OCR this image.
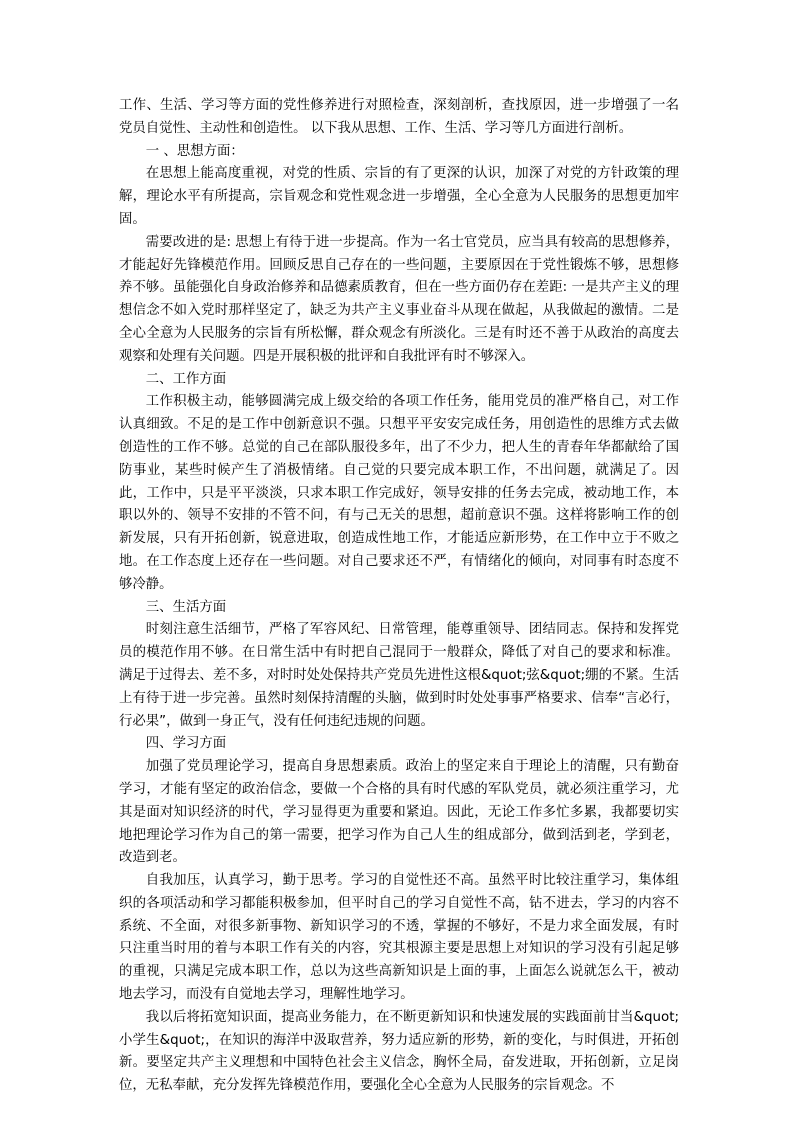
工作、生活、学习等方面的党性修养进行对照检查，深刻剖析，查找原因，进一步增强了一名党员自觉性、主动性和创造性。 以下我从思想、工作、生活、学习等几方面进行剖析。

一 、思想方面：

在思想上能高度重视，对党的性质、宗旨的有了更深的认识，加深了对党的方针政策的理解，理论水平有所提高，宗旨观念和党性观念进一步增强，全心全意为人民服务的思想更加牢固。

需要改进的是: 思想上有待于进一步提高。作为一名士官党员，应当具有较高的思想修养，才能起好先锋模范作用。回顾反思自己存在的一些问题，主要原因在于党性锻炼不够，思想修养不够。虽能强化自身政治修养和品德素质教育，但在一些方面仍存在差距: 一是共产主义的理想信念不如入党时那样坚定了，缺乏为共产主义事业奋斗从现在做起，从我做起的激情。二是全心全意为人民服务的宗旨有所松懈，群众观念有所淡化。三是有时还不善于从政治的高度去观察和处理有关问题。四是开展积极的批评和自我批评有时不够深入。

二、工作方面

工作积极主动，能够圆满完成上级交给的各项工作任务，能用党员的准严格自己，对工作认真细致。不足的是工作中创新意识不强。只想平平安安完成任务，用创造性的思维方式去做创造性的工作不够。总觉的自己在部队服役多年，出了不少力，把人生的青春年华都献给了国防事业，某些时候产生了消极情绪。自己觉的只要完成本职工作，不出问题，就满足了。因此，工作中，只是平平淡淡，只求本职工作完成好，领导安排的任务去完成，被动地工作，本职以外的、领导不安排的不管不问，有与己无关的思想，超前意识不强。这样将影响工作的创新发展，只有开拓创新，锐意进取，创造成性地工作，才能适应新形势，在工作中立于不败之地。在工作态度上还存在一些问题。对自己要求还不严，有情绪化的倾向，对同事有时态度不够冷静。

三、生活方面

时刻注意生活细节，严格了军容风纪、日常管理，能尊重领导、团结同志。保持和发挥党员的模范作用不够。在日常生活中有时把自己混同于一般群众，降低了对自己的要求和标准。满足于过得去、差不多，对时时处处保持共产党员先进性这根&quot;弦&quot;绷的不紧。生活上有待于进一步完善。虽然时刻保持清醒的头脑，做到时时处处事事严格要求、信奉“言必行，行必果”，做到一身正气，没有任何违纪违规的问题。

四、学习方面

加强了党员理论学习，提高自身思想素质。政治上的坚定来自于理论上的清醒，只有勤奋学习，才能有坚定的政治信念，要做一个合格的具有时代感的军队党员，就必须注重学习，尤其是面对知识经济的时代，学习显得更为重要和紧迫。因此，无论工作多忙多累，我都要切实地把理论学习作为自己的第一需要，把学习作为自己人生的组成部分，做到活到老，学到老，改造到老。

自我加压，认真学习，勤于思考。学习的自觉性还不高。虽然平时比较注重学习，集体组织的各项活动和学习都能积极参加，但平时自己的学习自觉性不高，钻不进去，学习的内容不系统、不全面，对很多新事物、新知识学习的不透，掌握的不够好，不是力求全面发展，有时只注重当时用的着与本职工作有关的内容，究其根源主要是思想上对知识的学习没有引起足够的重视，只满足完成本职工作，总以为这些高新知识是上面的事，上面怎么说就怎么干，被动地去学习，而没有自觉地去学习，理解性地学习。

我以后将拓宽知识面，提高业务能力，在不断更新知识和快速发展的实践面前甘当&quot;小学生&quot;，在知识的海洋中汲取营养，努力适应新的形势，新的变化，与时俱进，开拓创新。要坚定共产主义理想和中国特色社会主义信念，胸怀全局，奋发进取，开拓创新，立足岗位，无私奉献，充分发挥先锋模范作用，要强化全心全意为人民服务的宗旨观念。不
